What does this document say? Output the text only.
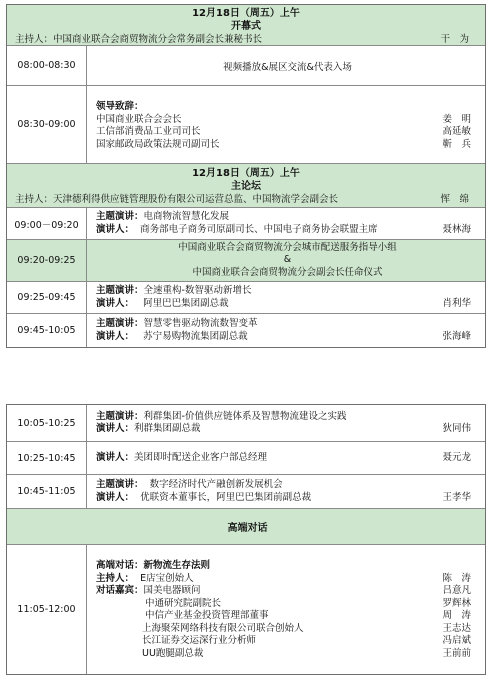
12月18日（周五）上午
开幕式
主持人：中国商业联合会商贸物流分会常务副会长兼秘书长	干　为
08:00-08:30	视频播放&展区交流&代表入场
08:30-09:00
领导致辞：
中国商业联合会会长	姜　明
工信部消费品工业司司长	高延敏
国家邮政局政策法规司副司长	靳　兵
12月18日（周五）上午
主论坛
主持人：天津德利得供应链管理股份有限公司运营总监、中国物流学会副会长	恽　绵
09:00－09:20
主题演讲： 电商物流智慧化发展
演讲人： 商务部电子商务司原副司长、中国电子商务协会联盟主席	聂林海
09:20-09:25
中国商业联合会商贸物流分会城市配送服务指导小组
&
中国商业联合会商贸物流分会副会长任命仪式
09:25-09:45
主题演讲： 全速重构-数智驱动新增长
演讲人： 阿里巴巴集团副总裁	肖利华
09:45-10:05
主题演讲： 智慧零售驱动物流数智变革
演讲人： 苏宁易购物流集团副总裁	张海峰
10:05-10:25
主题演讲： 利群集团-价值供应链体系及智慧物流建设之实践
演讲人：利群集团副总裁	狄同伟
10:25-10:45	演讲人：美团即时配送企业客户部总经理	聂元龙
10:45-11:05
主题演讲：
数字经济时代产融创新发展机会
演讲人： 优联资本董事长，阿里巴巴集团前副总裁	王孝华
高端对话
11:05-12:00
高端对话： 新物流生存法则
主持人： E店宝创始人	陈　涛
对话嘉宾：国美电器顾问	吕意凡
中通研究院副院长	罗辉林
中信产业基金投资管理部董事	周　涛
上海聚荣网络科技有限公司联合创始人	王志达
长江证券交运深行业分析师	冯启斌
UU跑腿副总裁	王前前
